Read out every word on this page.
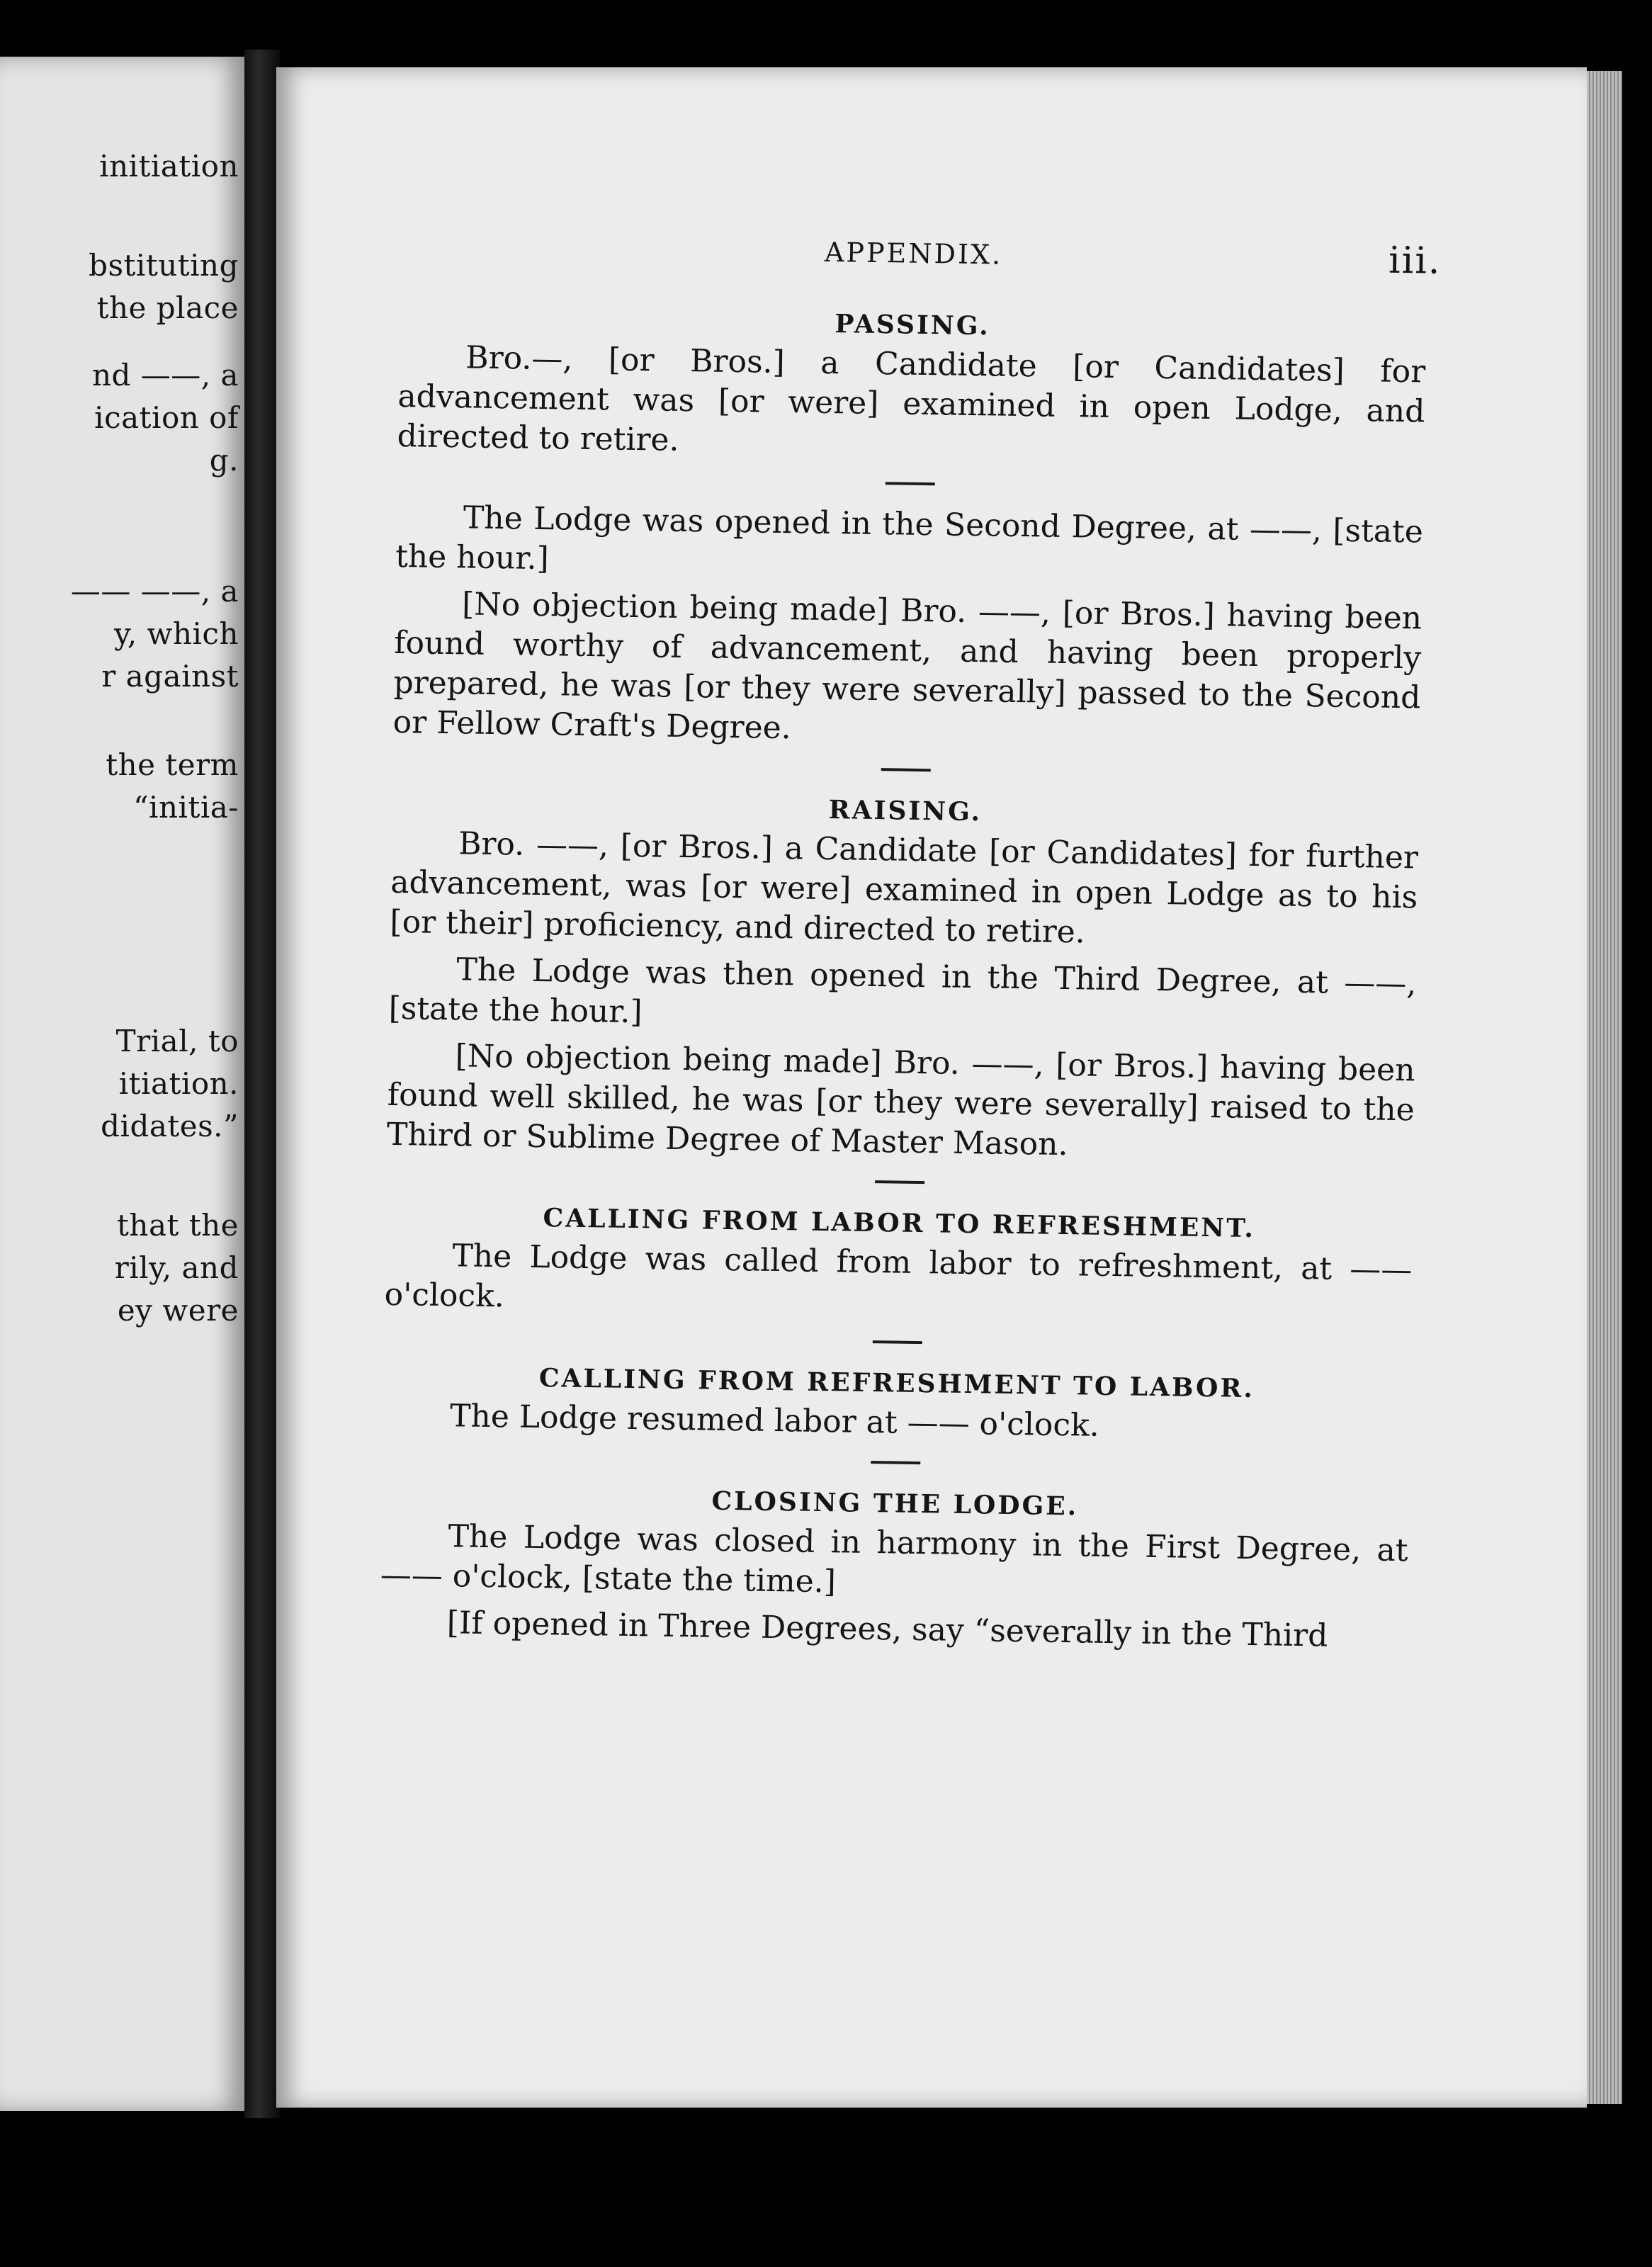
initiation
bstituting
the place
nd ——, a
ication of
g.
—— ——, a
y, which
r against
the term
“initia-
Trial, to
itiation.
didates.”
that the
rily, and
ey were
APPENDIX.	iii.
PASSING.

Bro.—, [or Bros.] a Candidate [or Candidates] for advancement was [or were] examined in open Lodge, and directed to retire.

The Lodge was opened in the Second Degree, at ——, [state the hour.]

[No objection being made] Bro. ——, [or Bros.] having been found worthy of advancement, and having been properly prepared, he was [or they were severally] passed to the Second or Fellow Craft's Degree.

RAISING.

Bro. ——, [or Bros.] a Candidate [or Candidates] for further advancement, was [or were] examined in open Lodge as to his [or their] proficiency, and directed to retire.

The Lodge was then opened in the Third Degree, at ——, [state the hour.]

[No objection being made] Bro. ——, [or Bros.] having been found well skilled, he was [or they were severally] raised to the Third or Sublime Degree of Master Mason.

CALLING FROM LABOR TO REFRESHMENT.

The Lodge was called from labor to refreshment, at —— o'clock.

CALLING FROM REFRESHMENT TO LABOR.

The Lodge resumed labor at —— o'clock.

CLOSING THE LODGE.

The Lodge was closed in harmony in the First Degree, at—— o'clock, [state the time.]

[If opened in Three Degrees, say “severally in the Third
